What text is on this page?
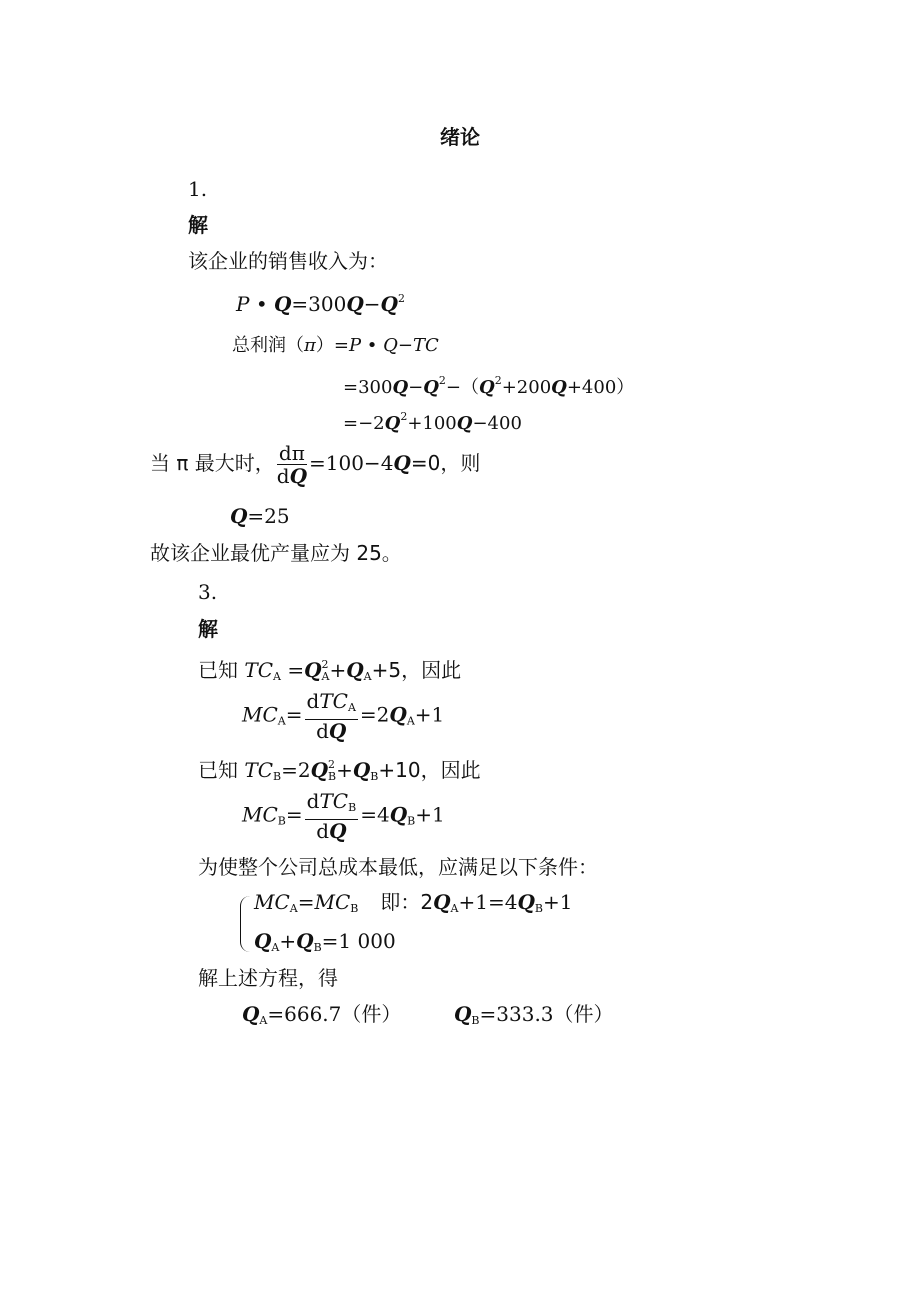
绪论
1.
解
该企业的销售收入为：
P • $Q=300Q-Q^2$
总利润（π）=P • Q−TC
$=300Q-Q^2-(Q^2+200Q+400)$
$=-2Q^2+100Q-400$
当 π 最大时， $\frac{d\pi}{dQ} =100-4Q=0$，则
Q=25
故该企业最优产量应为 25。
3.
解
已知 $TC_A =Q^2_A+Q_A+5$，因此
$MC_A= \frac{dTC_A}{dQ} =2Q_A+1$
已知 $TC_B=2Q^2_B+Q_B+10$，因此
$MC_B= \frac{dTC_B}{dQ} =4Q_B+1$
为使整个公司总成本最低，应满足以下条件：
$MC_A=MC_B$ 即：$2Q_A+1=4Q_B+1$
$Q_A+Q_B=1$ 000
解上述方程，得
$Q_A=666.7$（件）	$Q_B=333.3$（件）
